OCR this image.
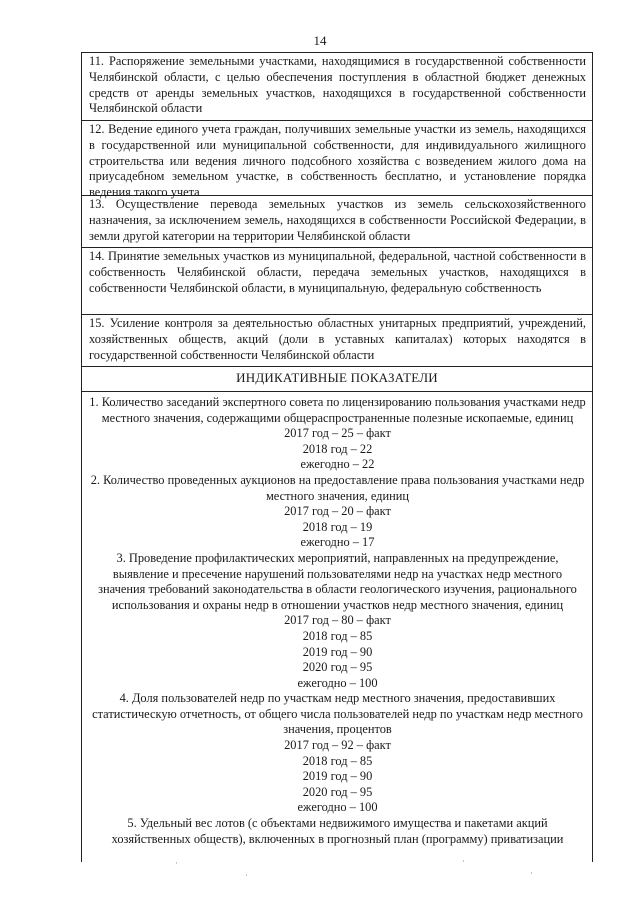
14
11. Распоряжение земельными участками, находящимися в государственной собственности Челябинской области, с целью обеспечения поступления в областной бюджет денежных средств от аренды земельных участков, находящихся в государственной собственности Челябинской области
12. Ведение единого учета граждан, получивших земельные участки из земель, находящихся в государственной или муниципальной собственности, для индивидуального жилищного строительства или ведения личного подсобного хозяйства с возведением жилого дома на приусадебном земельном участке, в собственность бесплатно, и установление порядка ведения такого учета
13. Осуществление перевода земельных участков из земель сельскохозяйственного назначения, за исключением земель, находящихся в собственности Российской Федерации, в земли другой категории на территории Челябинской области
14. Принятие земельных участков из муниципальной, федеральной, частной собственности в собственность Челябинской области, передача земельных участков, находящихся в собственности Челябинской области, в муниципальную, федеральную собственность
15. Усиление контроля за деятельностью областных унитарных предприятий, учреждений, хозяйственных обществ, акций (доли в уставных капиталах) которых находятся в государственной собственности Челябинской области
ИНДИКАТИВНЫЕ ПОКАЗАТЕЛИ

1. Количество заседаний экспертного совета по лицензированию пользования участками недр местного значения, содержащими общераспространенные полезные ископаемые, единиц

2017 год – 25 – факт
2018 год – 22
ежегодно – 22

2. Количество проведенных аукционов на предоставление права пользования участками недр местного значения, единиц

2017 год – 20 – факт
2018 год – 19
ежегодно – 17

3. Проведение профилактических мероприятий, направленных на предупреждение, выявление и пресечение нарушений пользователями недр на участках недр местного значения требований законодательства в области геологического изучения, рационального использования и охраны недр в отношении участков недр местного значения, единиц

2017 год – 80 – факт
2018 год – 85
2019 год – 90
2020 год – 95
ежегодно – 100

4. Доля пользователей недр по участкам недр местного значения, предоставивших статистическую отчетность, от общего числа пользователей недр по участкам недр местного значения, процентов

2017 год – 92 – факт
2018 год – 85
2019 год – 90
2020 год – 95
ежегодно – 100

5. Удельный вес лотов (с объектами недвижимого имущества и пакетами акций хозяйственных обществ), включенных в прогнозный план (программу) приватизации

·
·
·
·
